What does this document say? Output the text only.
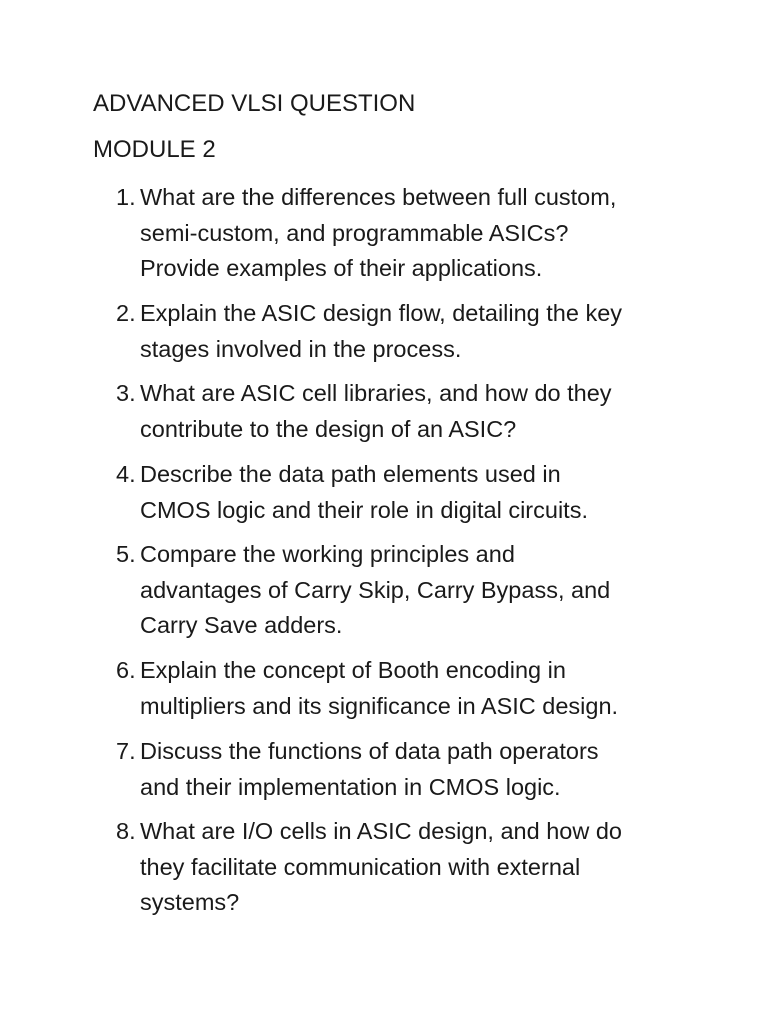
ADVANCED VLSI QUESTION
MODULE 2
1. What are the differences between full custom,
semi-custom, and programmable ASICs?
Provide examples of their applications.
2. Explain the ASIC design flow, detailing the key
stages involved in the process.
3. What are ASIC cell libraries, and how do they
contribute to the design of an ASIC?
4. Describe the data path elements used in
CMOS logic and their role in digital circuits.
5. Compare the working principles and
advantages of Carry Skip, Carry Bypass, and
Carry Save adders.
6. Explain the concept of Booth encoding in
multipliers and its significance in ASIC design.
7. Discuss the functions of data path operators
and their implementation in CMOS logic.
8. What are I/O cells in ASIC design, and how do
they facilitate communication with external
systems?
